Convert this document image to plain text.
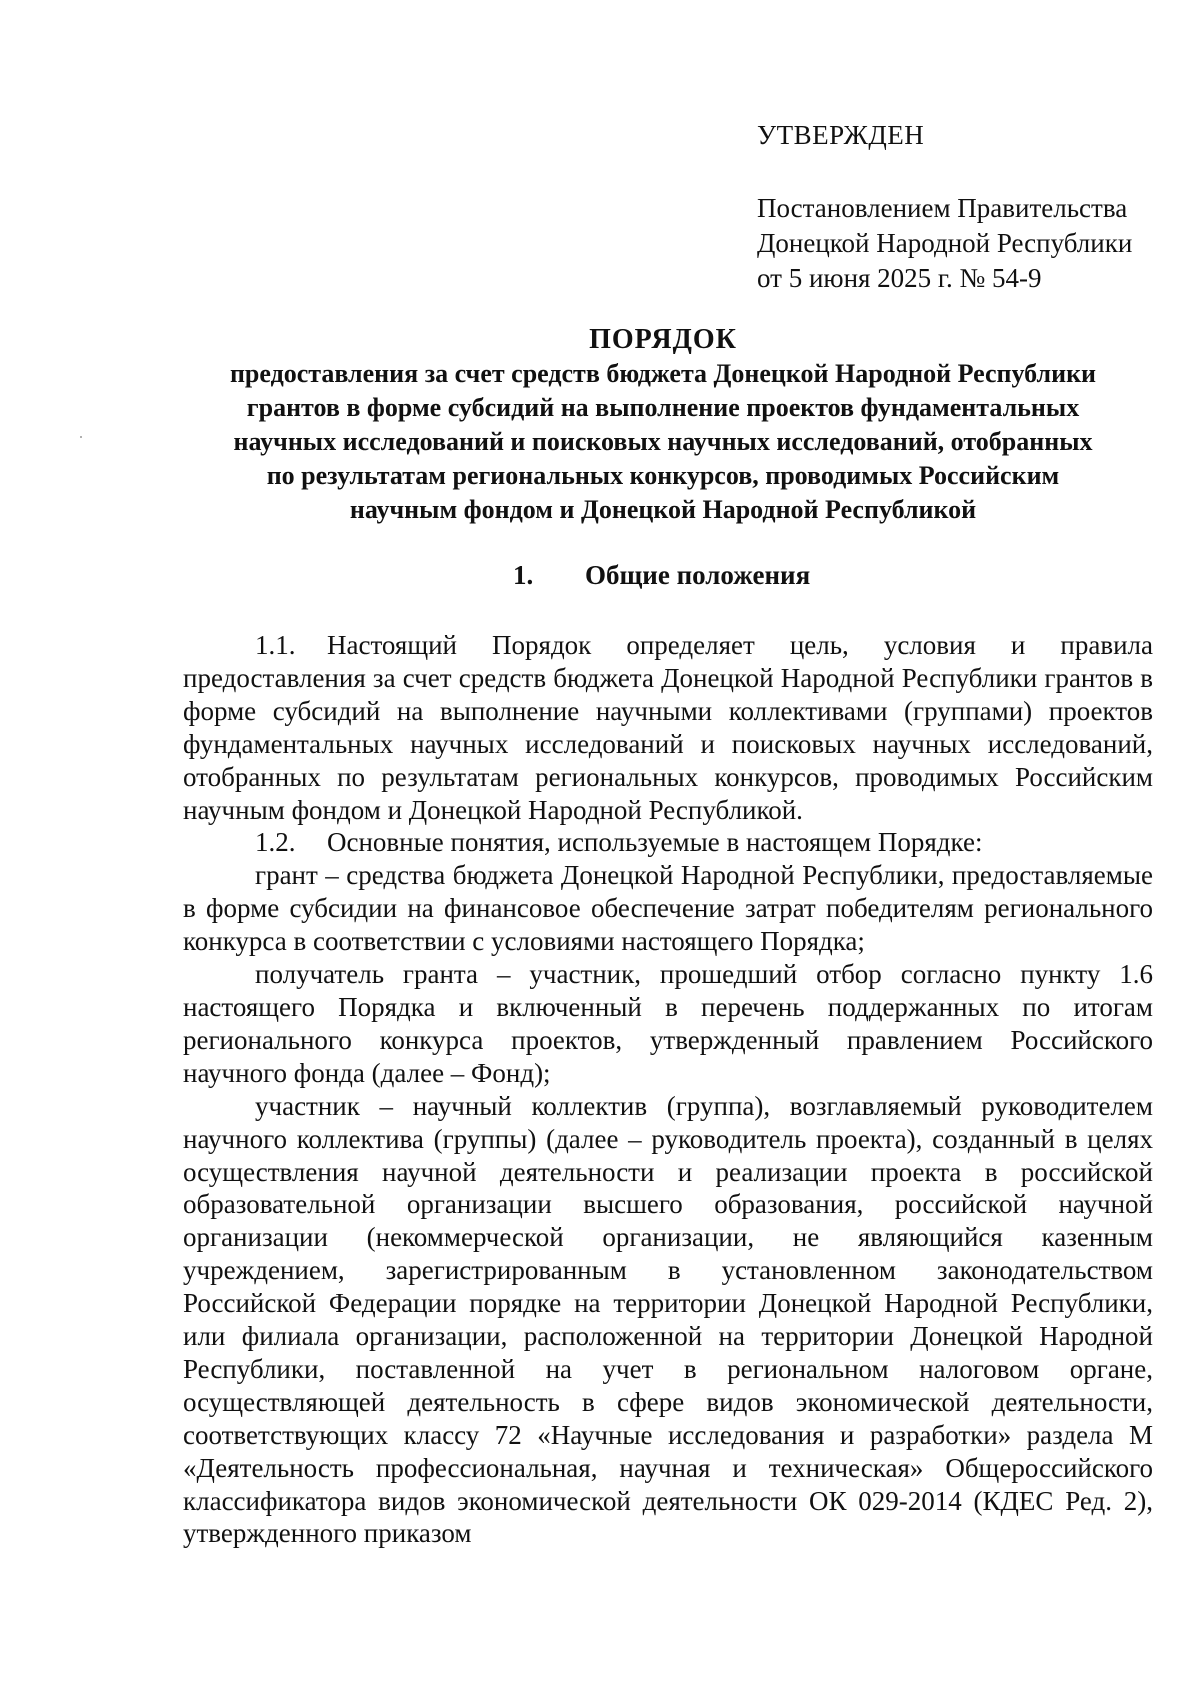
УТВЕРЖДЕН
Постановлением Правительства
Донецкой Народной Республики
от 5 июня 2025 г. № 54-9
ПОРЯДОК
предоставления за счет средств бюджета Донецкой Народной Республики
грантов в форме субсидий на выполнение проектов фундаментальных
научных исследований и поисковых научных исследований, отобранных
по результатам региональных конкурсов, проводимых Российским
научным фондом и Донецкой Народной Республикой
1. Общие положения

1.1. Настоящий Порядок определяет цель, условия и правила предоставления за счет средств бюджета Донецкой Народной Республики грантов в форме субсидий на выполнение научными коллективами (группами) проектов фундаментальных научных исследований и поисковых научных исследований, отобранных по результатам региональных конкурсов, проводимых Российским научным фондом и Донецкой Народной Республикой.

1.2. Основные понятия, используемые в настоящем Порядке:

грант – средства бюджета Донецкой Народной Республики, предоставляемые в форме субсидии на финансовое обеспечение затрат победителям регионального конкурса в соответствии с условиями настоящего Порядка;

получатель гранта – участник, прошедший отбор согласно пункту 1.6 настоящего Порядка и включенный в перечень поддержанных по итогам регионального конкурса проектов, утвержденный правлением Российского научного фонда (далее – Фонд);

участник – научный коллектив (группа), возглавляемый руководителем научного коллектива (группы) (далее – руководитель проекта), созданный в целях осуществления научной деятельности и реализации проекта в российской образовательной организации высшего образования, российской научной организации (некоммерческой организации, не являющийся казенным учреждением, зарегистрированным в установленном законодательством Российской Федерации порядке на территории Донецкой Народной Республики, или филиала организации, расположенной на территории Донецкой Народной Республики, поставленной на учет в региональном налоговом органе, осуществляющей деятельность в сфере видов экономической деятельности, соответствующих классу 72 «Научные исследования и разработки» раздела М «Деятельность профессиональная, научная и техническая» Общероссийского классификатора видов экономической деятельности ОК 029-2014 (КДЕС Ред. 2), утвержденного приказом
